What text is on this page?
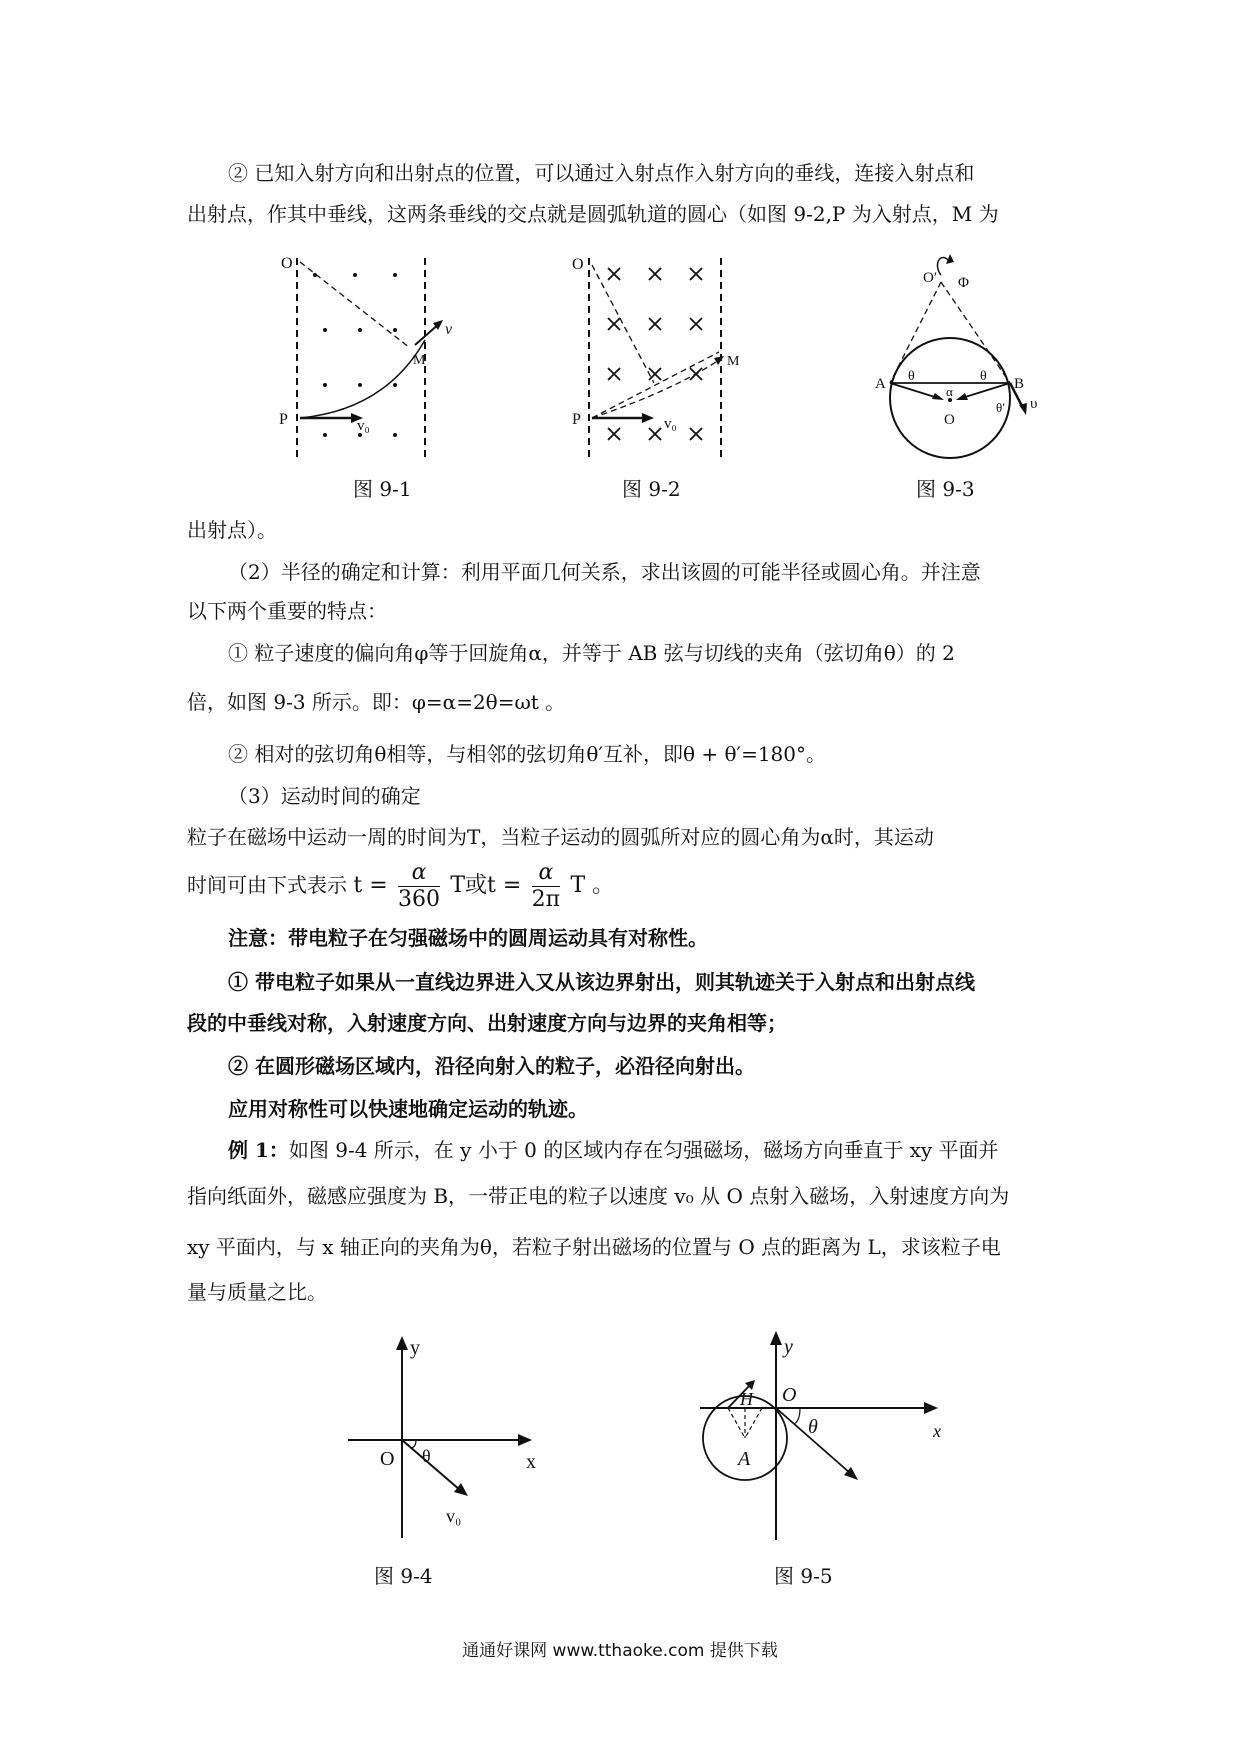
② 已知入射方向和出射点的位置，可以通过入射点作入射方向的垂线，连接入射点和
出射点，作其中垂线，这两条垂线的交点就是圆弧轨道的圆心（如图 9-2,P 为入射点，M 为
O
P
M
v
v₀
图 9-1
O
P
M
v₀
图 9-2
O′ Φ
A	B
θ	θ
α
O
θ′ υ
图 9-3
出射点）。
（2）半径的确定和计算：利用平面几何关系，求出该圆的可能半径或圆心角。并注意
以下两个重要的特点：
① 粒子速度的偏向角φ等于回旋角α，并等于 AB 弦与切线的夹角（弦切角θ）的 2
倍，如图 9-3 所示。即：φ=α=2θ=ωt 。
② 相对的弦切角θ相等，与相邻的弦切角θ′互补，即θ + θ′=180°。
（3）运动时间的确定
粒子在磁场中运动一周的时间为T，当粒子运动的圆弧所对应的圆心角为α时，其运动
时间可由下式表示 $t = \frac{\alpha}{360}$ T或$t = \frac{\alpha}{2\pi}$ T 。
注意：带电粒子在匀强磁场中的圆周运动具有对称性。
① 带电粒子如果从一直线边界进入又从该边界射出，则其轨迹关于入射点和出射点线
段的中垂线对称，入射速度方向、出射速度方向与边界的夹角相等；
② 在圆形磁场区域内，沿径向射入的粒子，必沿径向射出。
应用对称性可以快速地确定运动的轨迹。
例 1：如图 9-4 所示，在 y 小于 0 的区域内存在匀强磁场，磁场方向垂直于 xy 平面并
指向纸面外，磁感应强度为 B，一带正电的粒子以速度 v₀ 从 O 点射入磁场，入射速度方向为
xy 平面内，与 x 轴正向的夹角为θ，若粒子射出磁场的位置与 O 点的距离为 L，求该粒子电
量与质量之比。
y
x
O θ
v₀
图 9-4
y
x
O
H
A
θ
图 9-5
通通好课网 www.tthaoke.com 提供下载
